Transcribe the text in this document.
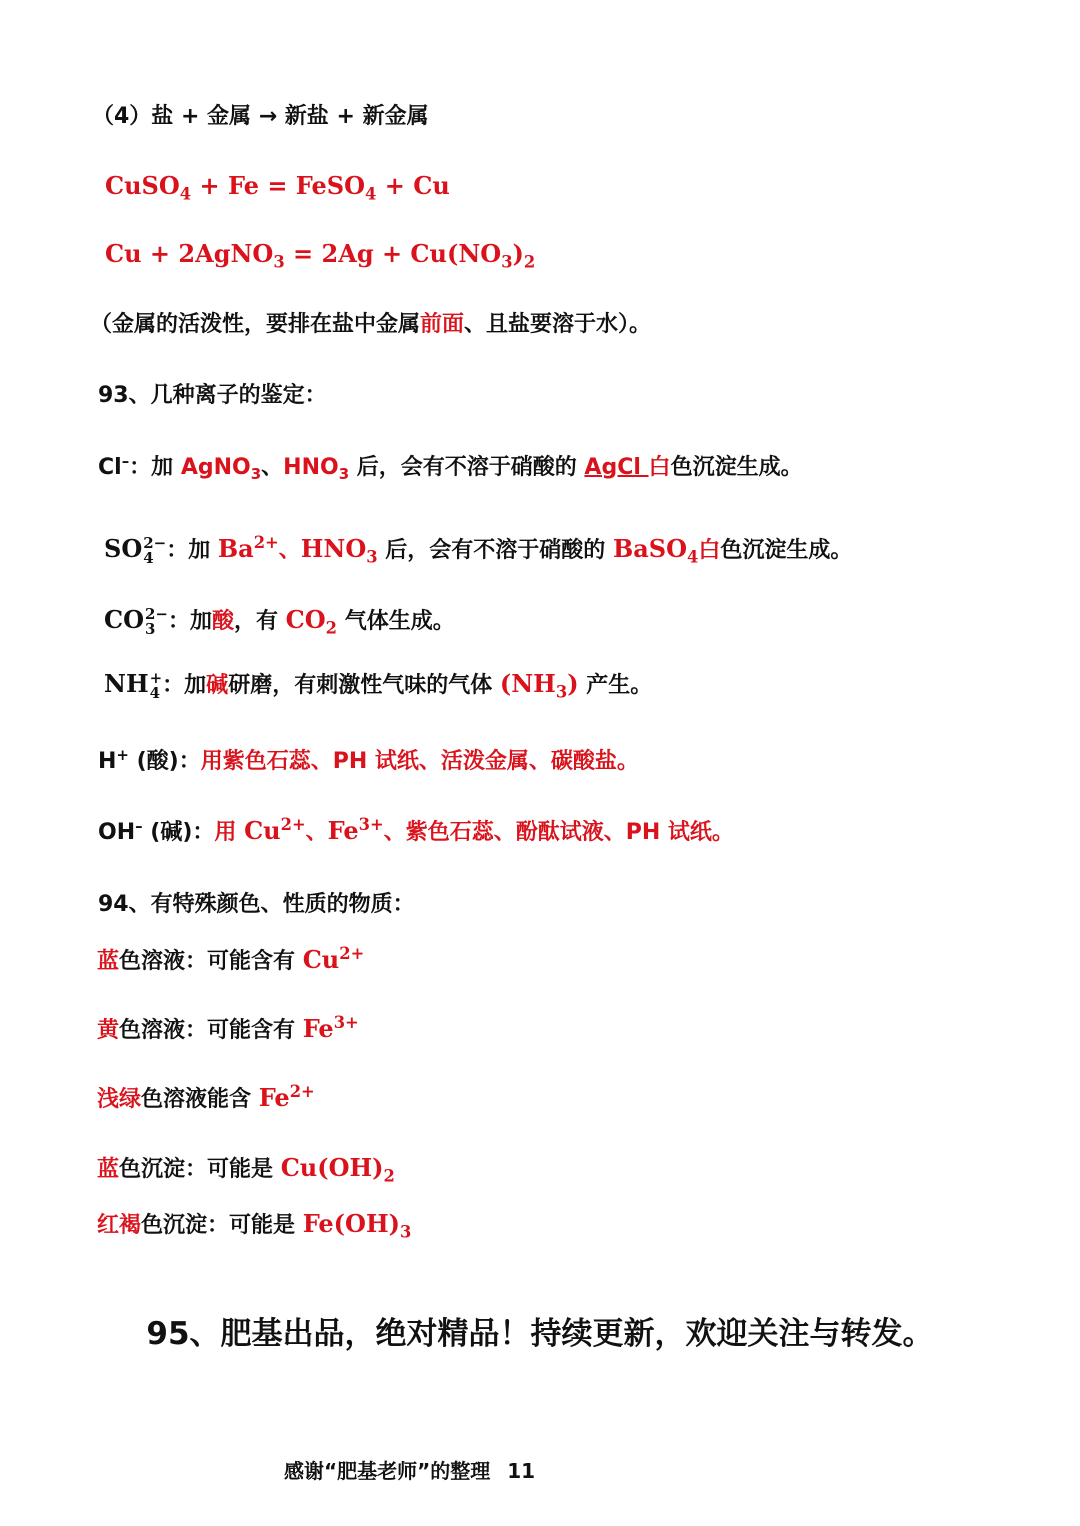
（4）盐 + 金属 → 新盐 + 新金属
CuSO$_4$ + Fe = FeSO$_4$ + Cu
Cu + 2AgNO$_3$ = $2Ag + Cu(NO_3)_2$
（金属的活泼性，要排在盐中金属前面、且盐要溶于水）。
93、几种离子的鉴定：
Cl–：加 AgNO$_3$、$HNO_3$ 后，会有不溶于硝酸的 AgCl 白色沉淀生成。
SO 2−
4 ：加 $Ba^{2+}$、$HNO_3$ 后，会有不溶于硝酸的 BaSO$_4$白色沉淀生成。
CO 2−
3 ：加酸，有 $CO_2$ 气体生成。
NH +
4 ：加碱研磨，有刺激性气味的气体 $(NH_3)$ 产生。
H+ (酸)：用紫色石蕊、PH 试纸、活泼金属、碳酸盐。
OH– (碱)：用 $Cu^{2+}$、$Fe^{3+}$、紫色石蕊、酚酞试液、PH 试纸。
94、有特殊颜色、性质的物质：
蓝色溶液：可能含有 $Cu^{2+}$
黄色溶液：可能含有 $Fe^{3+}$
浅绿色溶液能含 $Fe^{2+}$
蓝色沉淀：可能是 $Cu(OH)_2$
红褐色沉淀：可能是 $Fe(OH)_3$
95、肥基出品，绝对精品！持续更新，欢迎关注与转发。
感谢“肥基老师”的整理 11
